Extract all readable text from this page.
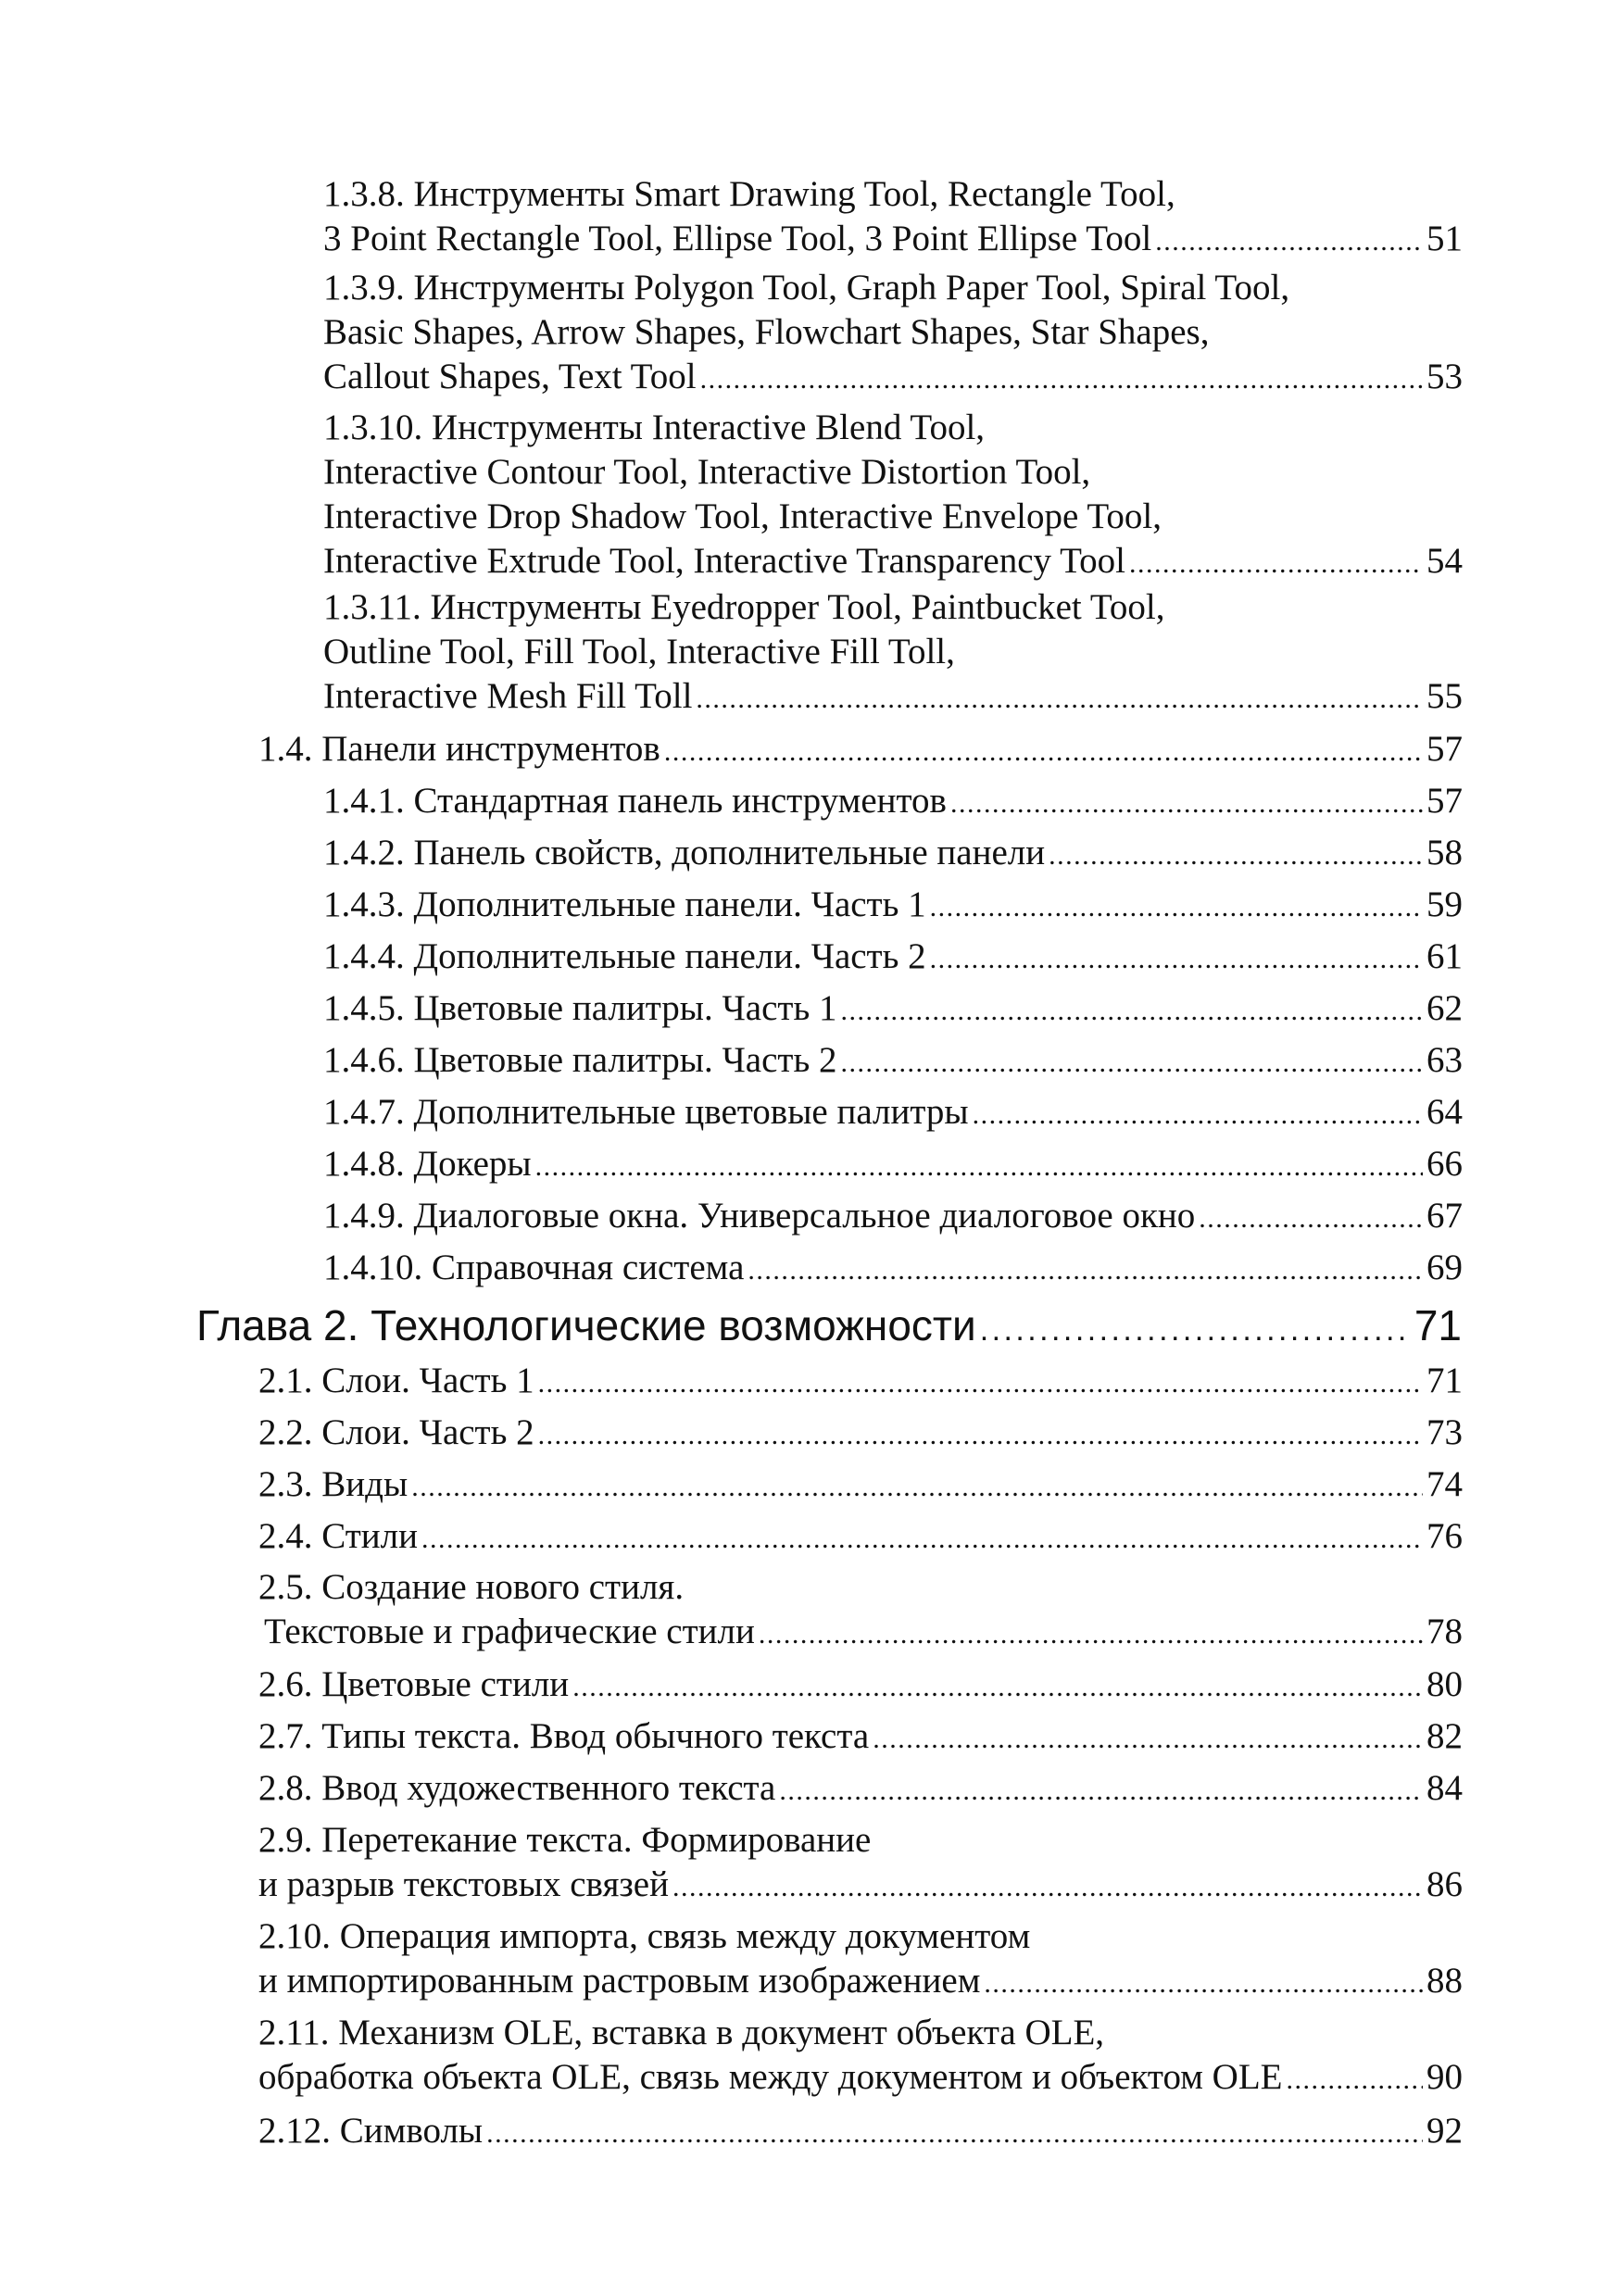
1.3.8. Инструменты Smart Drawing Tool, Rectangle Tool,
3 Point Rectangle Tool, Ellipse Tool, 3 Point Ellipse Tool . . .	51
1.3.9. Инструменты Polygon Tool, Graph Paper Tool, Spiral Tool,
Basic Shapes, Arrow Shapes, Flowchart Shapes, Star Shapes,
Callout Shapes, Text Tool . . .	53
1.3.10. Инструменты Interactive Blend Tool,
Interactive Contour Tool, Interactive Distortion Tool,
Interactive Drop Shadow Tool, Interactive Envelope Tool,
Interactive Extrude Tool, Interactive Transparency Tool . . .	54
1.3.11. Инструменты Eyedropper Tool, Paintbucket Tool,
Outline Tool, Fill Tool, Interactive Fill Toll,
Interactive Mesh Fill Toll . . .	55
1.4. Панели инструментов . . .	57
1.4.1. Стандартная панель инструментов . . .	57
1.4.2. Панель свойств, дополнительные панели . . .	58
1.4.3. Дополнительные панели. Часть 1 . . .	59
1.4.4. Дополнительные панели. Часть 2 . . .	61
1.4.5. Цветовые палитры. Часть 1 . . .	62
1.4.6. Цветовые палитры. Часть 2 . . .	63
1.4.7. Дополнительные цветовые палитры . . .	64
1.4.8. Докеры . . .	66
1.4.9. Диалоговые окна. Универсальное диалоговое окно . . .	67
1.4.10. Справочная система . . .	69
Глава 2. Технологические возможности . . .	71
2.1. Слои. Часть 1 . . .	71
2.2. Слои. Часть 2 . . .	73
2.3. Виды . . .	74
2.4. Стили . . .	76
2.5. Создание нового стиля.
Текстовые и графические стили . . .	78
2.6. Цветовые стили . . .	80
2.7. Типы текста. Ввод обычного текста . . .	82
2.8. Ввод художественного текста . . .	84
2.9. Перетекание текста. Формирование
и разрыв текстовых связей . . .	86
2.10. Операция импорта, связь между документом
и импортированным растровым изображением . . .	88
2.11. Механизм OLE, вставка в документ объекта OLE,
обработка объекта OLE, связь между документом и объектом OLE . . .	90
2.12. Символы . . .	92
